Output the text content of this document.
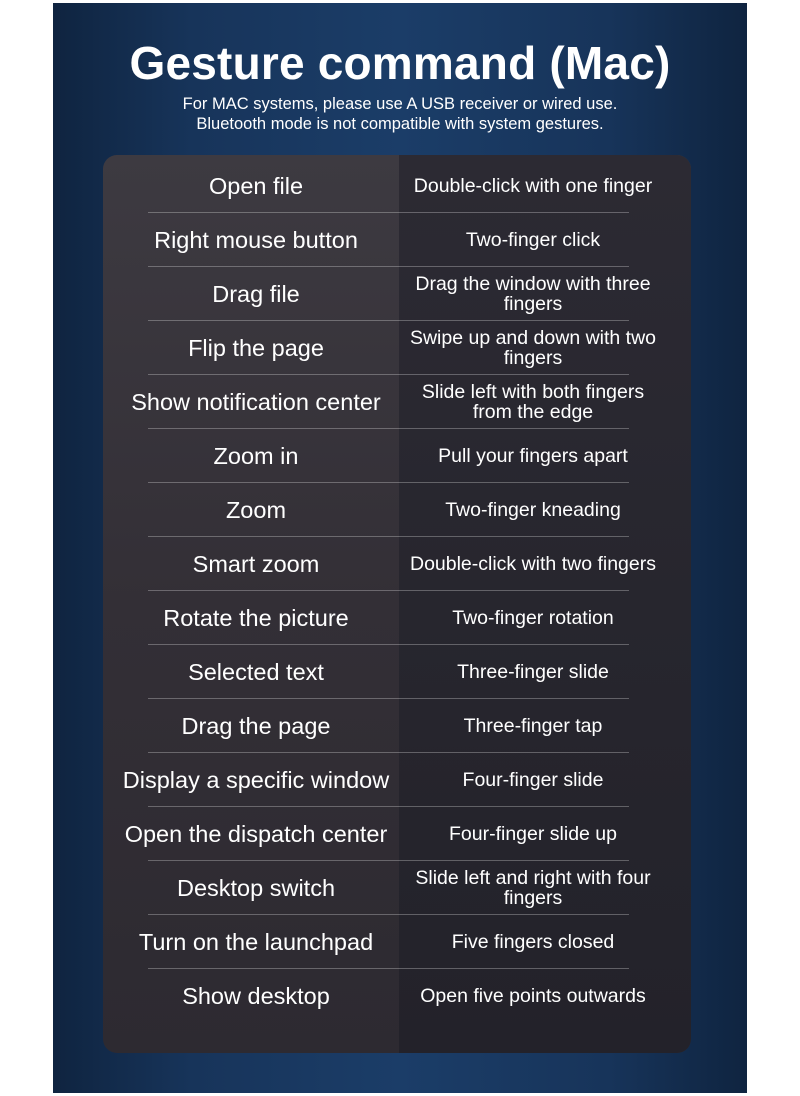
Gesture command (Mac)
For MAC systems, please use A USB receiver or wired use.
Bluetooth mode is not compatible with system gestures.
Open file	Double-click with one finger
Right mouse button	Two-finger click
Drag file	Drag the window with three fingers
Flip the page	Swipe up and down with two fingers
Show notification center	Slide left with both fingers from the edge
Zoom in	Pull your fingers apart
Zoom	Two-finger kneading
Smart zoom	Double-click with two fingers
Rotate the picture	Two-finger rotation
Selected text	Three-finger slide
Drag the page	Three-finger tap
Display a specific window	Four-finger slide
Open the dispatch center	Four-finger slide up
Desktop switch	Slide left and right with four fingers
Turn on the launchpad	Five fingers closed
Show desktop	Open five points outwards
